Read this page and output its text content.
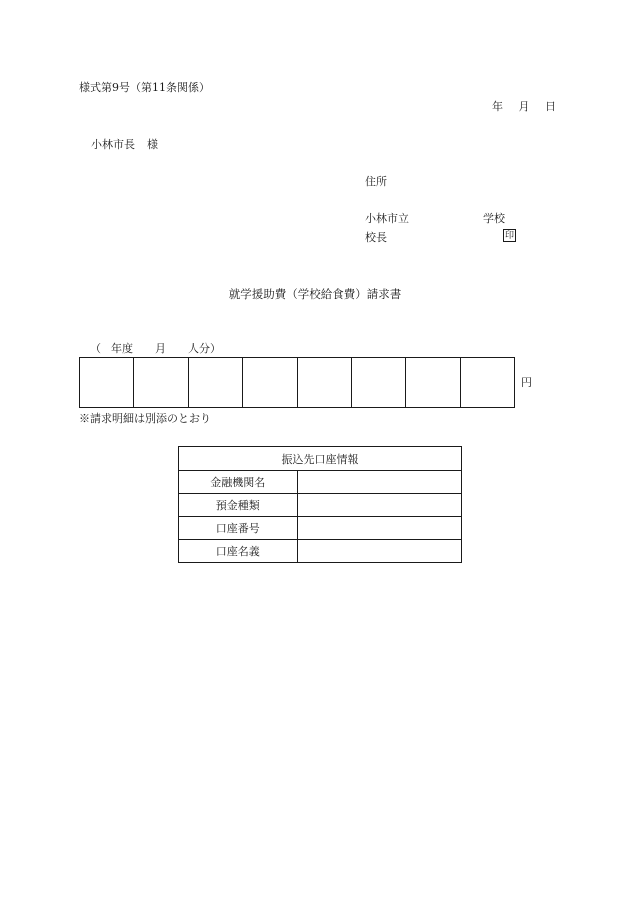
様式第9号（第11条関係）
年 月 日
小林市長 様
住所
小林市立	学校
校長	印
就学援助費（学校給食費）請求書
（ 年度 月 人分）
円
※請求明細は別添のとおり
振込先口座情報	
金融機関名	
預金種類	
口座番号	
口座名義	
